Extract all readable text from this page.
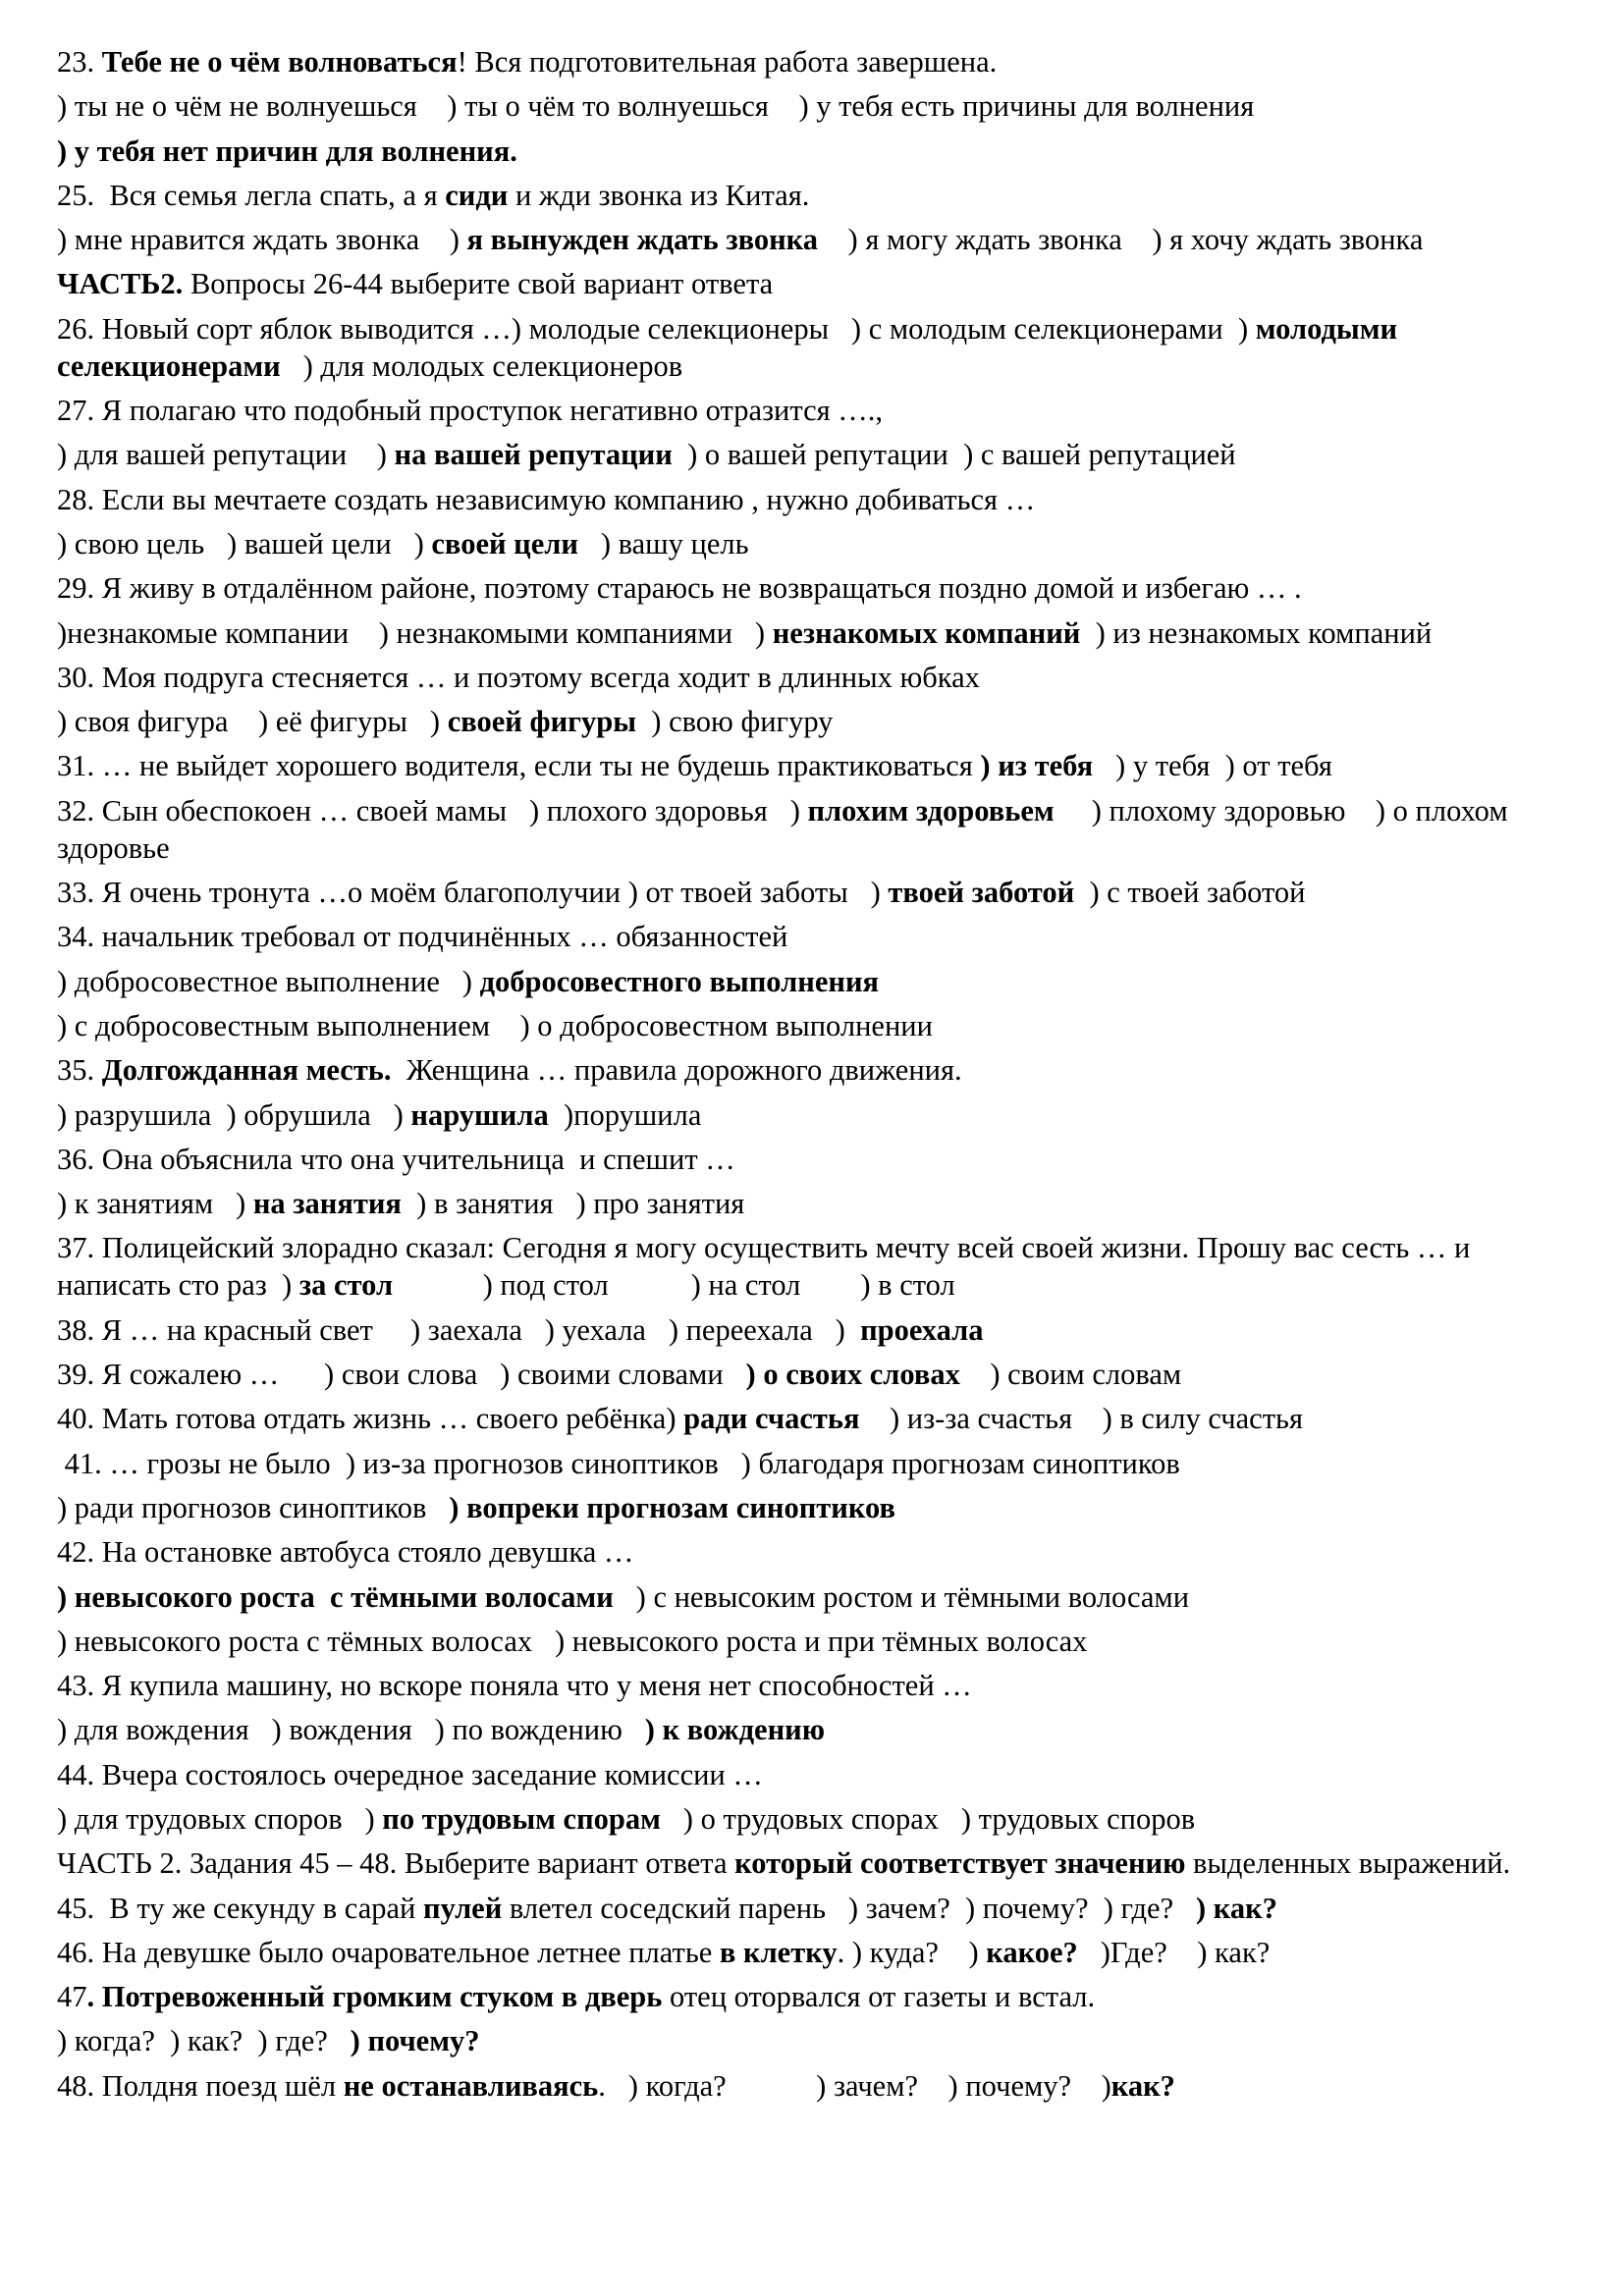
23. Тебе не о чём волноваться! Вся подготовительная работа завершена.
) ты не о чём не волнуешься    ) ты о чём то волнуешься    ) у тебя есть причины для волнения
) у тебя нет причин для волнения.
25.  Вся семья легла спать, а я сиди и жди звонка из Китая.
) мне нравится ждать звонка    ) я вынужден ждать звонка    ) я могу ждать звонка    ) я хочу ждать звонка
ЧАСТЬ2. Вопросы 26-44 выберите свой вариант ответа
26. Новый сорт яблок выводится …) молодые селекционеры   ) с молодым селекционерами  ) молодыми селекционерами   ) для молодых селекционеров
27. Я полагаю что подобный проступок негативно отразится ….,
) для вашей репутации    ) на вашей репутации  ) о вашей репутации  ) с вашей репутацией
28. Если вы мечтаете создать независимую компанию , нужно добиваться …
) свою цель   ) вашей цели   ) своей цели   ) вашу цель
29. Я живу в отдалённом районе, поэтому стараюсь не возвращаться поздно домой и избегаю … .
)незнакомые компании    ) незнакомыми компаниями   ) незнакомых компаний  ) из незнакомых компаний
30. Моя подруга стесняется … и поэтому всегда ходит в длинных юбках
) своя фигура    ) её фигуры   ) своей фигуры  ) свою фигуру
31. … не выйдет хорошего водителя, если ты не будешь практиковаться ) из тебя   ) у тебя  ) от тебя
32. Сын обеспокоен … своей мамы   ) плохого здоровья   ) плохим здоровьем     ) плохому здоровью    ) о плохом здоровье
33. Я очень тронута …о моём благополучии ) от твоей заботы   ) твоей заботой  ) с твоей заботой
34. начальник требовал от подчинённых … обязанностей
) добросовестное выполнение   ) добросовестного выполнения
) с добросовестным выполнением    ) о добросовестном выполнении
35. Долгожданная месть.  Женщина … правила дорожного движения.
) разрушила  ) обрушила   ) нарушила  )порушила
36. Она объяснила что она учительница  и спешит …
) к занятиям   ) на занятия  ) в занятия   ) про занятия
37. Полицейский злорадно сказал: Сегодня я могу осуществить мечту всей своей жизни. Прошу вас сесть … и написать сто раз  ) за стол            ) под стол           ) на стол        ) в стол
38. Я … на красный свет     ) заехала   ) уехала   ) переехала   )  проехала
39. Я сожалею …      ) свои слова   ) своими словами   ) о своих словах    ) своим словам
40. Мать готова отдать жизнь … своего ребёнка) ради счастья    ) из-за счастья    ) в силу счастья
41. … грозы не было  ) из-за прогнозов синоптиков   ) благодаря прогнозам синоптиков
) ради прогнозов синоптиков   ) вопреки прогнозам синоптиков
42. На остановке автобуса стояло девушка …
) невысокого роста  с тёмными волосами   ) с невысоким ростом и тёмными волосами
) невысокого роста с тёмных волосах   ) невысокого роста и при тёмных волосах
43. Я купила машину, но вскоре поняла что у меня нет способностей …
) для вождения   ) вождения   ) по вождению   ) к вождению
44. Вчера состоялось очередное заседание комиссии …
) для трудовых споров   ) по трудовым спорам   ) о трудовых спорах   ) трудовых споров
ЧАСТЬ 2. Задания 45 – 48. Выберите вариант ответа который соответствует значению выделенных выражений.
45.  В ту же секунду в сарай пулей влетел соседский парень   ) зачем?  ) почему?  ) где?   ) как?
46. На девушке было очаровательное летнее платье в клетку. ) куда?    ) какое?   )Где?    ) как?
47. Потревоженный громким стуком в дверь отец оторвался от газеты и встал.
) когда?  ) как?  ) где?   ) почему?
48. Полдня поезд шёл не останавливаясь.   ) когда?            ) зачем?    ) почему?    )как?
